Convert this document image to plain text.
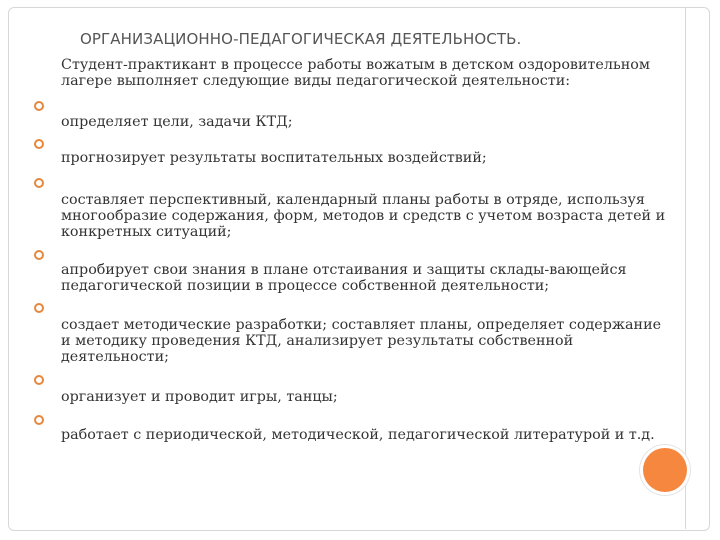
ОРГАНИЗАЦИОННО-ПЕДАГОГИЧЕСКАЯ ДЕЯТЕЛЬНОСТЬ.
Студент-практикант в процессе работы вожатым в детском оздоровительном лагере выполняет следующие виды педагогической деятельности:
определяет цели, задачи КТД;
прогнозирует результаты воспитательных воздействий;
составляет перспективный, календарный планы работы в отряде, используя многообразие содержания, форм, методов и средств с учетом возраста детей и конкретных ситуаций;
апробирует свои знания в плане отстаивания и защиты склады-вающейся педагогической позиции в процессе собственной деятельности;
создает методические разработки; составляет планы, определяет содержание и методику проведения КТД, анализирует результаты собственной деятельности;
организует и проводит игры, танцы;
работает с периодической, методической, педагогической литературой и т.д.
